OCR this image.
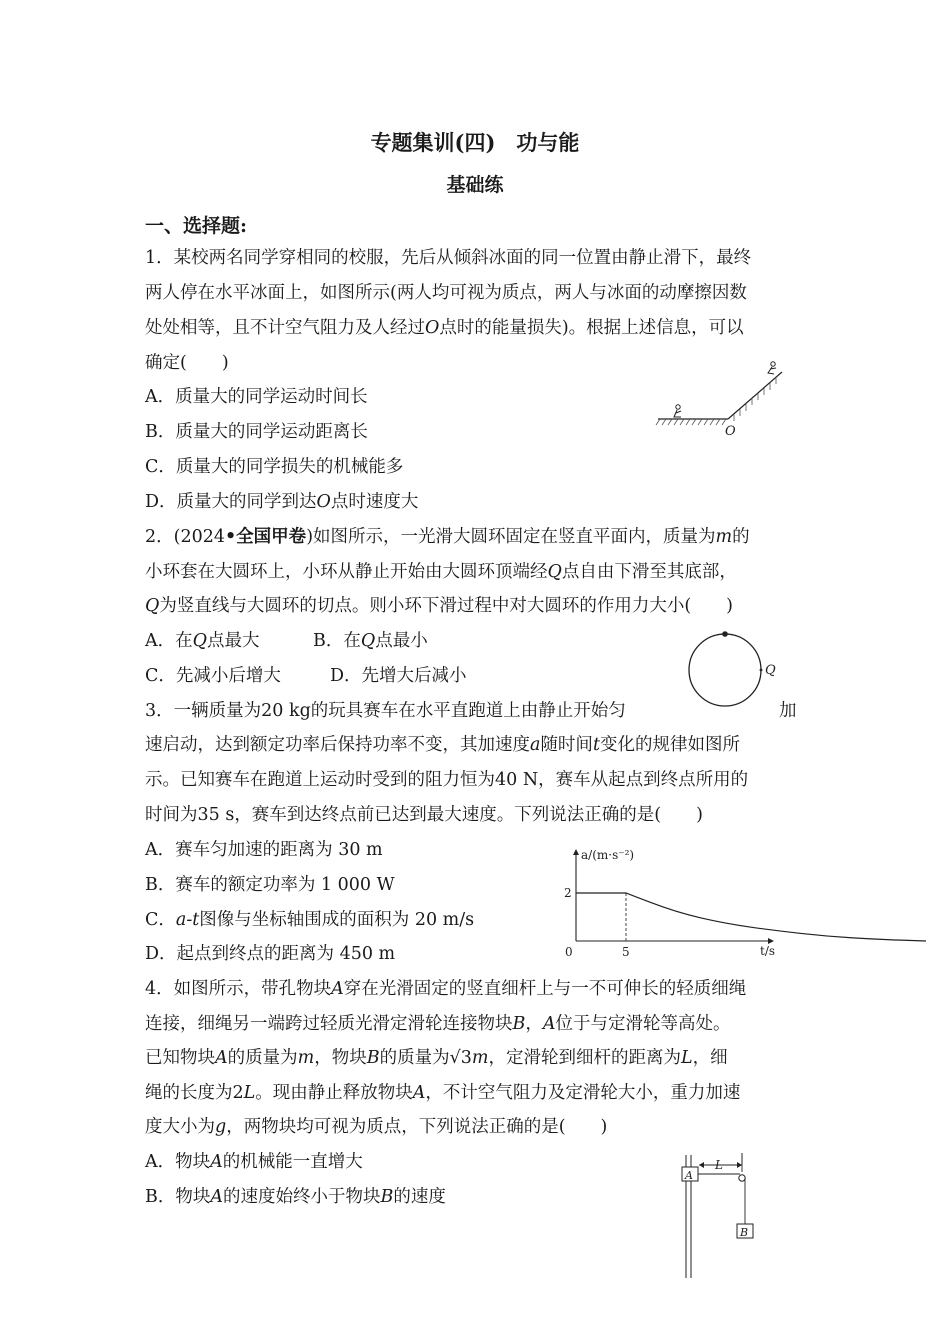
专题集训(四)　功与能
基础练
一、选择题:
1．某校两名同学穿相同的校服，先后从倾斜冰面的同一位置由静止滑下，最终
两人停在水平冰面上，如图所示(两人均可视为质点，两人与冰面的动摩擦因数
处处相等，且不计空气阻力及人经过O点时的能量损失)。根据上述信息，可以
确定(　　)
A．质量大的同学运动时间长
B．质量大的同学运动距离长
C．质量大的同学损失的机械能多
D．质量大的同学到达O点时速度大
O
2．(2024•全国甲卷)如图所示，一光滑大圆环固定在竖直平面内，质量为m的
小环套在大圆环上，小环从静止开始由大圆环顶端经Q点自由下滑至其底部，
Q为竖直线与大圆环的切点。则小环下滑过程中对大圆环的作用力大小(　　)
A．在Q点最大	B．在Q点最小
C．先减小后增大	D．先增大后减小	Q
3．一辆质量为20 kg的玩具赛车在水平直跑道上由静止开始匀	加
速启动，达到额定功率后保持功率不变，其加速度a随时间t变化的规律如图所
示。已知赛车在跑道上运动时受到的阻力恒为40 N，赛车从起点到终点所用的
时间为35 s，赛车到达终点前已达到最大速度。下列说法正确的是(　　)
A．赛车匀加速的距离为 30 m
B．赛车的额定功率为 1 000 W
C．a-t图像与坐标轴围成的面积为 20 m/s
D．起点到终点的距离为 450 m
a/(m·s⁻²)
t/s
0	5
2
4．如图所示，带孔物块A穿在光滑固定的竖直细杆上与一不可伸长的轻质细绳
连接，细绳另一端跨过轻质光滑定滑轮连接物块B，A位于与定滑轮等高处。
已知物块A的质量为m，物块B的质量为√3m，定滑轮到细杆的距离为L，细
绳的长度为2L。现由静止释放物块A，不计空气阻力及定滑轮大小，重力加速
度大小为g，两物块均可视为质点，下列说法正确的是(　　)
A．物块A的机械能一直增大
B．物块A的速度始终小于物块B的速度
A
B
L
